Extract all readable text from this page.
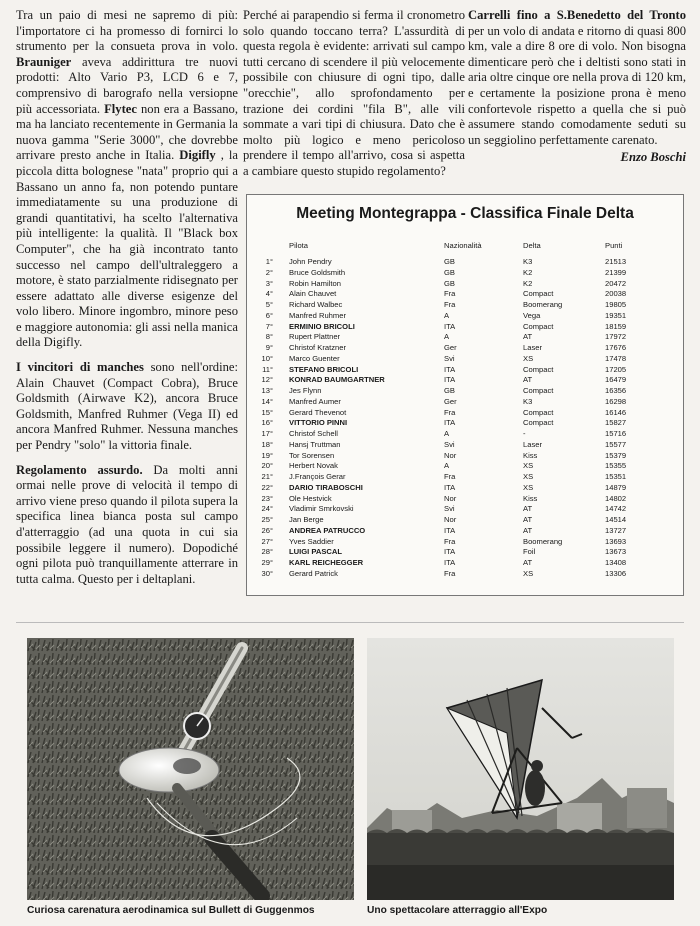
Tra un paio di mesi ne sapremo di più: l'importatore ci ha promesso di fornirci lo strumento per la consueta prova in volo. Brauniger aveva addirittura tre nuovi prodotti: Alto Vario P3, LCD 6 e 7, comprensivo di barografo nella versiopne più accessoriata. Flytec non era a Bassano, ma ha lanciato recentemente in Germania la nuova gamma "Serie 3000", che dovrebbe arrivare presto anche in Italia. Digifly , la piccola ditta bolognese "nata" proprio qui a Bassano un anno fa, non potendo puntare immediatamente su una produzione di grandi quantitativi, ha scelto l'alternativa più intelligente: la qualità. Il "Black box Computer", che ha già incontrato tanto successo nel campo dell'ultraleggero a motore, è stato parzialmente ridisegnato per essere adattato alle diverse esigenze del volo libero. Minore ingombro, minore peso e maggiore autonomia: gli assi nella manica della Digifly.

I vincitori di manches sono nell'ordine: Alain Chauvet (Compact Cobra), Bruce Goldsmith (Airwave K2), ancora Bruce Goldsmith, Manfred Ruhmer (Vega II) ed ancora Manfred Ruhmer. Nessuna manches per Pendry "solo" la vittoria finale.

Regolamento assurdo. Da molti anni ormai nelle prove di velocità il tempo di arrivo viene preso quando il pilota supera la specifica linea bianca posta sul campo d'atterraggio (ad una quota in cui sia possibile leggere il numero). Dopodiché ogni pilota può tranquillamente atterrare in tutta calma. Questo per i deltaplani.

Perché ai parapendio si ferma il cronometro solo quando toccano terra? L'assurdità di questa regola è evidente: arrivati sul campo tutti cercano di scendere il più velocemente possibile con chiusure di ogni tipo, dalle "orecchie", allo sprofondamento per trazione dei cordini "fila B", alle vili sommate a vari tipi di chiusura. Dato che è molto più logico e meno pericoloso prendere il tempo all'arrivo, cosa si aspetta a cambiare questo stupido regolamento?

Carrelli fino a S.Benedetto del Tronto per un volo di andata e ritorno di quasi 800 km, vale a dire 8 ore di volo. Non bisogna dimenticare però che i deltisti sono stati in aria oltre cinque ore nella prova di 120 km, e certamente la posizione prona è meno confortevole rispetto a quella che si può assumere stando comodamente seduti su un seggiolino perfettamente carenato.

Enzo Boschi
Meeting Montegrappa - Classifica Finale Delta
Pilota	Nazionalità	Delta	Punti
1° John Pendry	GB	K3	21513
2° Bruce Goldsmith	GB	K2	21399
3° Robin Hamilton	GB	K2	20472
4° Alain Chauvet	Fra	Compact	20038
5° Richard Walbec	Fra	Boomerang	19805
6° Manfred Ruhmer	A	Vega	19351
7° ERMINIO BRICOLI	ITA	Compact	18159
8° Rupert Plattner	A	AT	17972
9° Christof Kratzner	Ger	Laser	17676
10° Marco Guenter	Svi	XS	17478
11° STEFANO BRICOLI	ITA	Compact	17205
12° KONRAD BAUMGARTNER	ITA	AT	16479
13° Jes Flynn	GB	Compact	16356
14° Manfred Aumer	Ger	K3	16298
15° Gerard Thevenot	Fra	Compact	16146
16° VITTORIO PINNI	ITA	Compact	15827
17° Christof Schell	A	-	15716
18° Hansj Truttman	Svi	Laser	15577
19° Tor Sorensen	Nor	Kiss	15379
20° Herbert Novak	A	XS	15355
21° J.François Gerar	Fra	XS	15351
22° DARIO TIRABOSCHI	ITA	XS	14879
23° Ole Hestvick	Nor	Kiss	14802
24° Vladimir Smrkovski	Svi	AT	14742
25° Jan Berge	Nor	AT	14514
26° ANDREA PATRUCCO	ITA	AT	13727
27° Yves Saddier	Fra	Boomerang	13693
28° LUIGI PASCAL	ITA	Foil	13673
29° KARL REICHEGGER	ITA	AT	13408
30° Gerard Patrick	Fra	XS	13306
Curiosa carenatura aerodinamica sul Bullett di Guggenmos	Uno spettacolare atterraggio all'Expo
